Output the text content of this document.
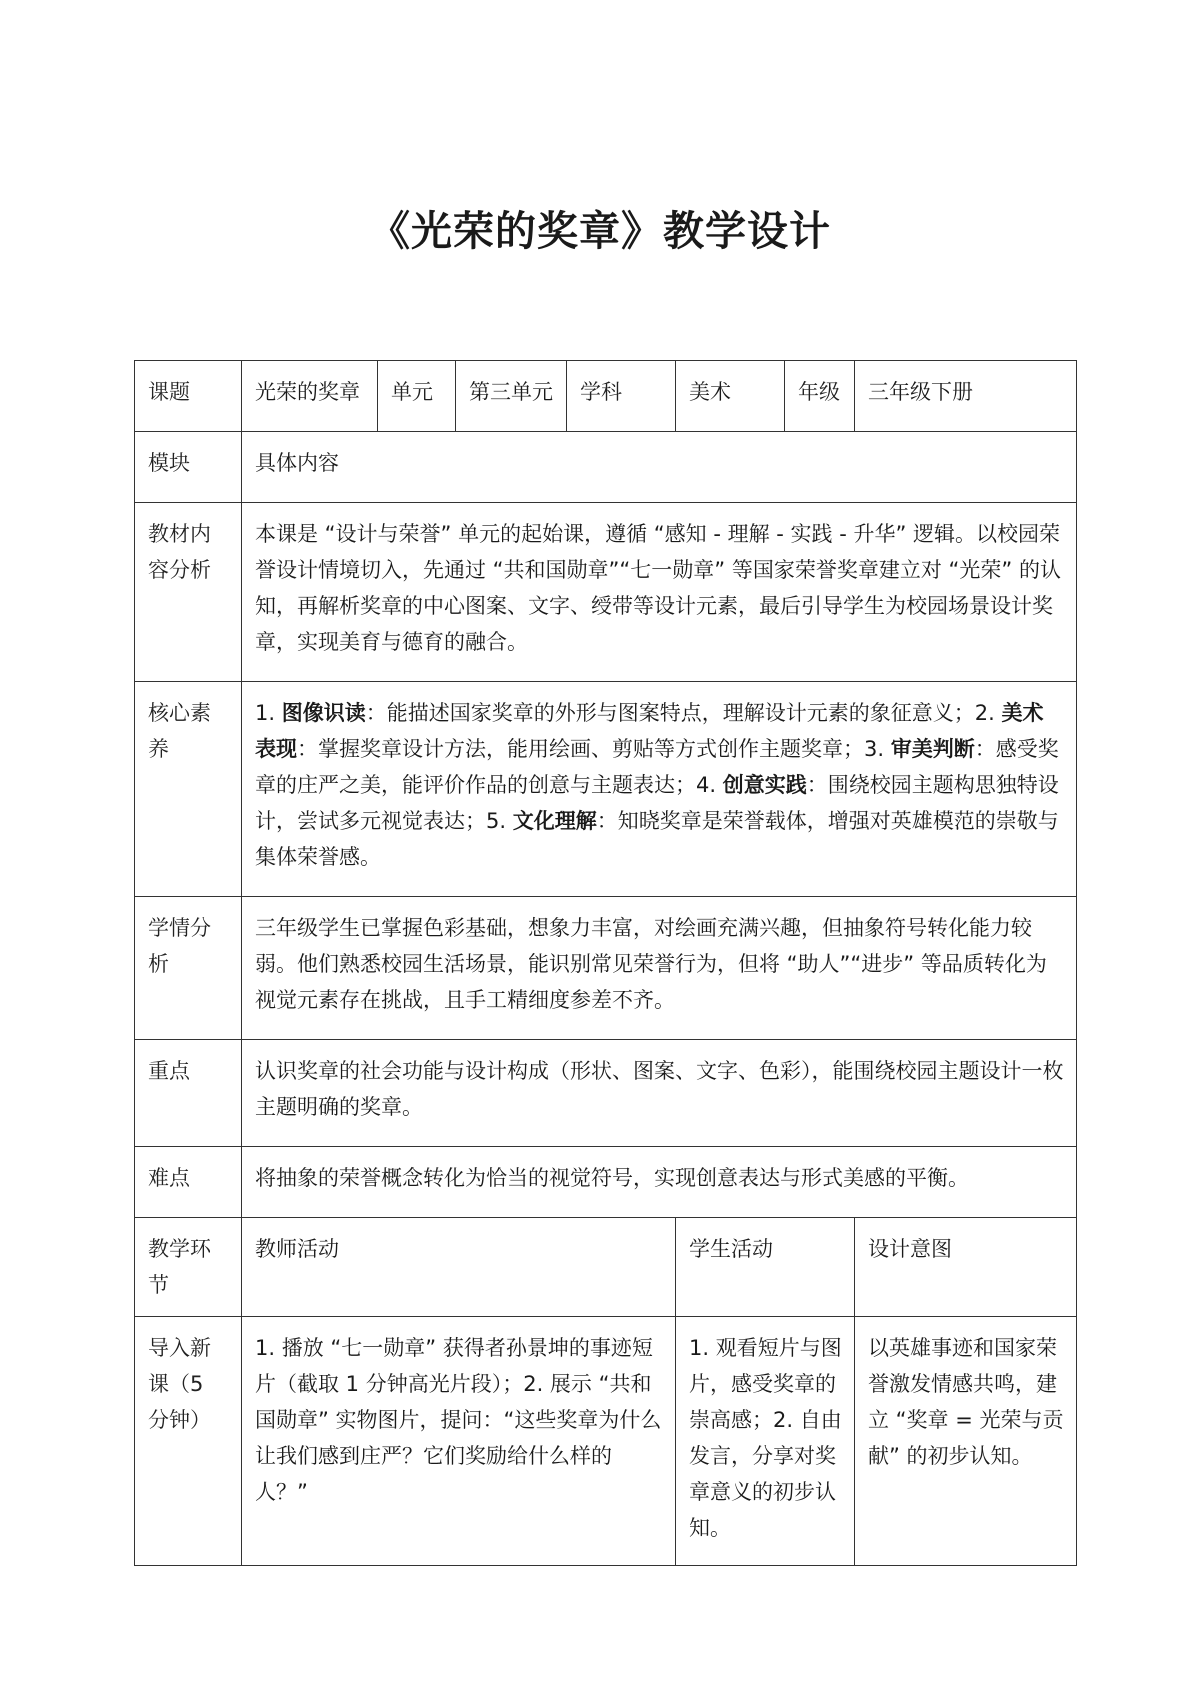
《光荣的奖章》教学设计
课题	光荣的奖章	单元	第三单元	学科	美术	年级	三年级下册
模块	具体内容						
教材内容分析	本课是 “设计与荣誉” 单元的起始课，遵循 “感知 - 理解 - 实践 - 升华” 逻辑。以校园荣誉设计情境切入，先通过 “共和国勋章”“七一勋章” 等国家荣誉奖章建立对 “光荣” 的认知，再解析奖章的中心图案、文字、绶带等设计元素，最后引导学生为校园场景设计奖章，实现美育与德育的融合。						
核心素养	1. 图像识读：能描述国家奖章的外形与图案特点，理解设计元素的象征意义；2. 美术表现：掌握奖章设计方法，能用绘画、剪贴等方式创作主题奖章；3. 审美判断：感受奖章的庄严之美，能评价作品的创意与主题表达；4. 创意实践：围绕校园主题构思独特设计，尝试多元视觉表达；5. 文化理解：知晓奖章是荣誉载体，增强对英雄模范的崇敬与集体荣誉感。						
学情分析	三年级学生已掌握色彩基础，想象力丰富，对绘画充满兴趣，但抽象符号转化能力较弱。他们熟悉校园生活场景，能识别常见荣誉行为，但将 “助人”“进步” 等品质转化为视觉元素存在挑战，且手工精细度参差不齐。						
重点	认识奖章的社会功能与设计构成（形状、图案、文字、色彩），能围绕校园主题设计一枚主题明确的奖章。						
难点	将抽象的荣誉概念转化为恰当的视觉符号，实现创意表达与形式美感的平衡。						
教学环节	教师活动				学生活动		设计意图
导入新课（5 分钟）	1. 播放 “七一勋章” 获得者孙景坤的事迹短片（截取 1 分钟高光片段）；2. 展示 “共和国勋章” 实物图片，提问：“这些奖章为什么让我们感到庄严？它们奖励给什么样的人？”				1. 观看短片与图片，感受奖章的崇高感；2. 自由发言，分享对奖章意义的初步认知。		以英雄事迹和国家荣誉激发情感共鸣，建立 “奖章 = 光荣与贡献” 的初步认知。
